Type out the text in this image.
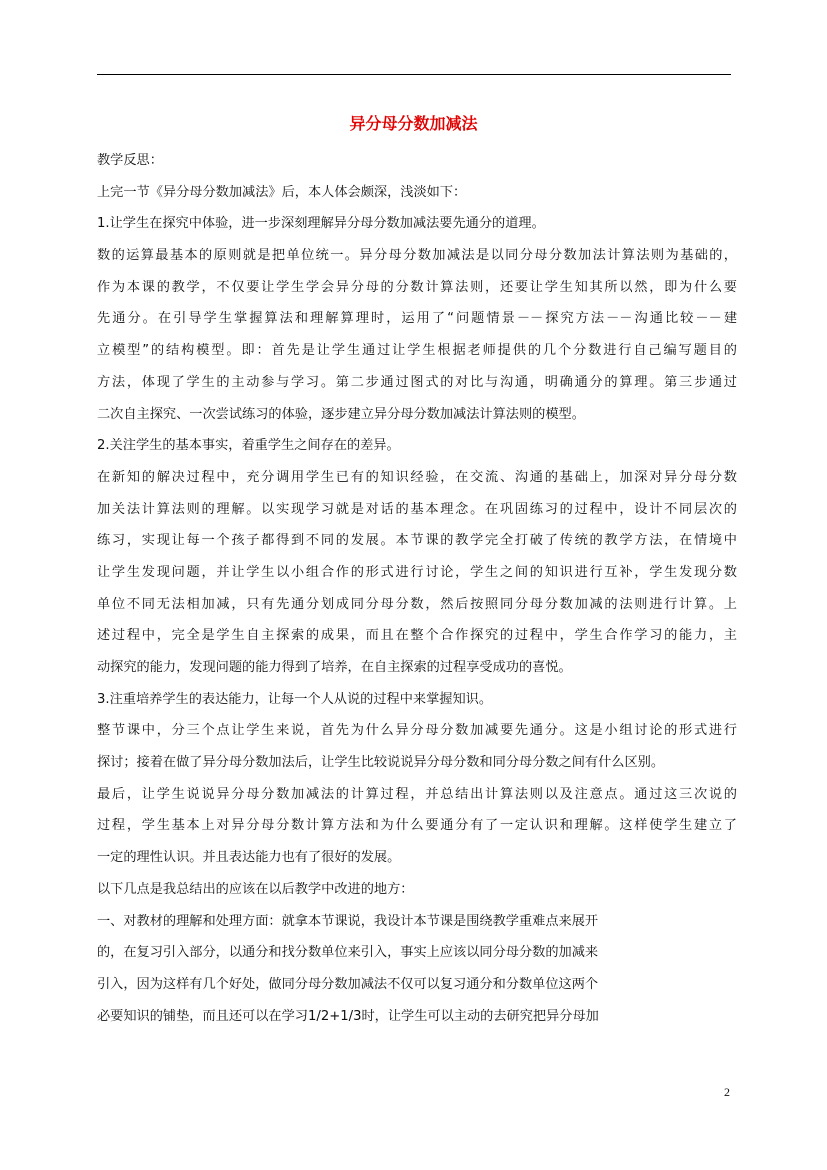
异分母分数加减法
教学反思：
上完一节《异分母分数加减法》后，本人体会颇深，浅淡如下：
1.让学生在探究中体验，进一步深刻理解异分母分数加减法要先通分的道理。
数的运算最基本的原则就是把单位统一。异分母分数加减法是以同分母分数加法计算法则为基础的，
作为本课的教学，不仅要让学生学会异分母的分数计算法则，还要让学生知其所以然，即为什么要
先通分。在引导学生掌握算法和理解算理时，运用了“问题情景－－探究方法－－沟通比较－－建
立模型”的结构模型。即：首先是让学生通过让学生根据老师提供的几个分数进行自己编写题目的
方法，体现了学生的主动参与学习。第二步通过图式的对比与沟通，明确通分的算理。第三步通过
二次自主探究、一次尝试练习的体验，逐步建立异分母分数加减法计算法则的模型。
2.关注学生的基本事实，着重学生之间存在的差异。
在新知的解决过程中，充分调用学生已有的知识经验，在交流、沟通的基础上，加深对异分母分数
加关法计算法则的理解。以实现学习就是对话的基本理念。在巩固练习的过程中，设计不同层次的
练习，实现让每一个孩子都得到不同的发展。本节课的教学完全打破了传统的教学方法，在情境中
让学生发现问题，并让学生以小组合作的形式进行讨论，学生之间的知识进行互补，学生发现分数
单位不同无法相加减，只有先通分划成同分母分数，然后按照同分母分数加减的法则进行计算。上
述过程中，完全是学生自主探索的成果，而且在整个合作探究的过程中，学生合作学习的能力，主
动探究的能力，发现问题的能力得到了培养，在自主探索的过程享受成功的喜悦。
3.注重培养学生的表达能力，让每一个人从说的过程中来掌握知识。
整节课中，分三个点让学生来说，首先为什么异分母分数加减要先通分。这是小组讨论的形式进行
探讨；接着在做了异分母分数加法后，让学生比较说说异分母分数和同分母分数之间有什么区别。
最后，让学生说说异分母分数加减法的计算过程，并总结出计算法则以及注意点。通过这三次说的
过程，学生基本上对异分母分数计算方法和为什么要通分有了一定认识和理解。这样使学生建立了
一定的理性认识。并且表达能力也有了很好的发展。
以下几点是我总结出的应该在以后教学中改进的地方：
一、对教材的理解和处理方面：就拿本节课说，我设计本节课是围绕教学重难点来展开
的，在复习引入部分，以通分和找分数单位来引入，事实上应该以同分母分数的加减来
引入，因为这样有几个好处，做同分母分数加减法不仅可以复习通分和分数单位这两个
必要知识的铺垫，而且还可以在学习1/2+1/3时，让学生可以主动的去研究把异分母加
2
